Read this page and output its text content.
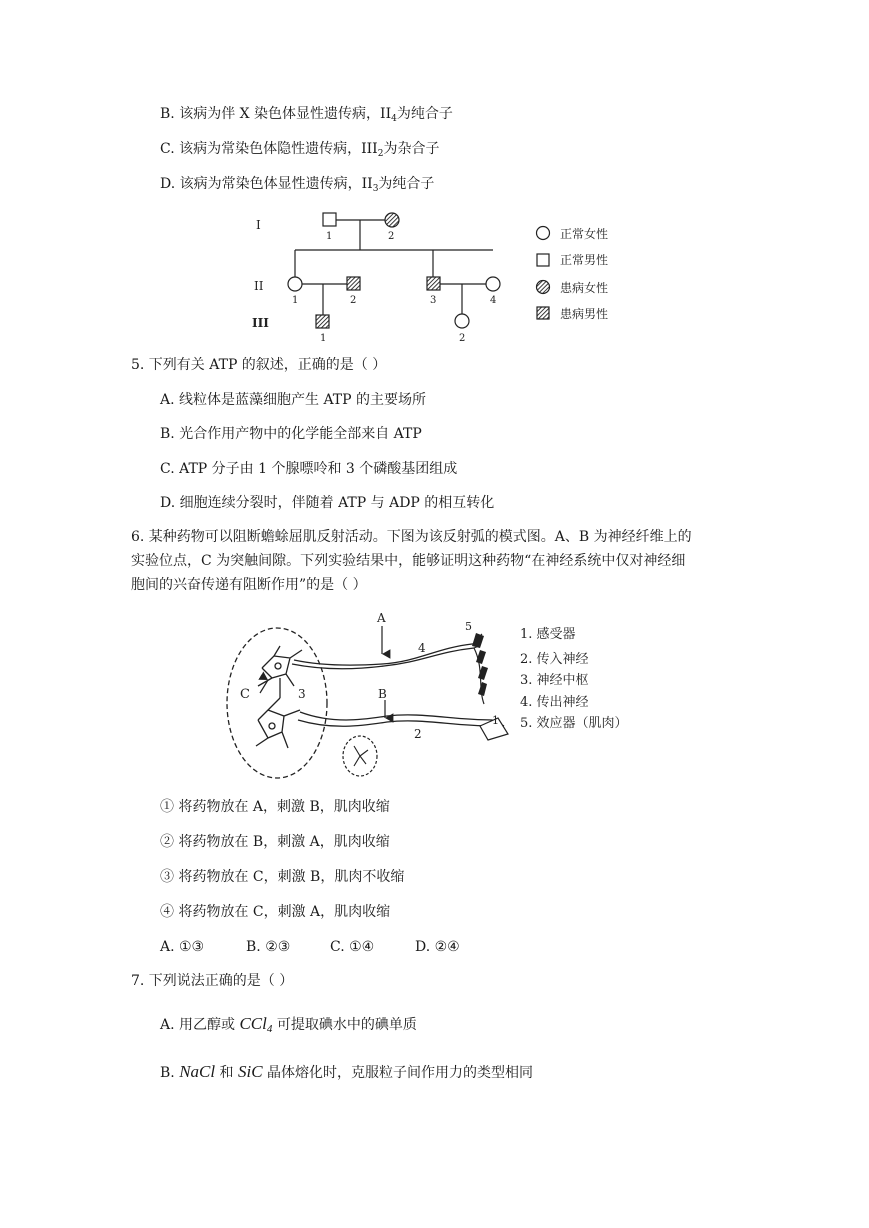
B. 该病为伴 X 染色体显性遗传病，$II_4$为纯合子
C. 该病为常染色体隐性遗传病，$III_2$为杂合子
D. 该病为常染色体显性遗传病，$II_3$为纯合子
I
II
III
1	2
1	2	3	4
1	2
正常女性
正常男性
患病女性
患病男性
5. 下列有关 ATP 的叙述，正确的是（ ）
A. 线粒体是蓝藻细胞产生 ATP 的主要场所
B. 光合作用产物中的化学能全部来自 ATP
C. ATP 分子由 1 个腺嘌呤和 3 个磷酸基团组成
D. 细胞连续分裂时，伴随着 ATP 与 ADP 的相互转化
6. 某种药物可以阻断蟾蜍屈肌反射活动。下图为该反射弧的模式图。A、B 为神经纤维上的
实验位点，C 为突触间隙。下列实验结果中，能够证明这种药物“在神经系统中仅对神经细
胞间的兴奋传递有阻断作用”的是（ ）
A
B
C
1
2
3
4
5
1. 感受器
2. 传入神经
3. 神经中枢
4. 传出神经
5. 效应器（肌肉）
① 将药物放在 A，刺激 B，肌肉收缩
② 将药物放在 B，刺激 A，肌肉收缩
③ 将药物放在 C，刺激 B，肌肉不收缩
④ 将药物放在 C，刺激 A，肌肉收缩
A. ①③	B. ②③	C. ①④	D. ②④
7. 下列说法正确的是（ ）
A. 用乙醇或 CCl$_4$ 可提取碘水中的碘单质
B. NaCl 和 SiC 晶体熔化时，克服粒子间作用力的类型相同
